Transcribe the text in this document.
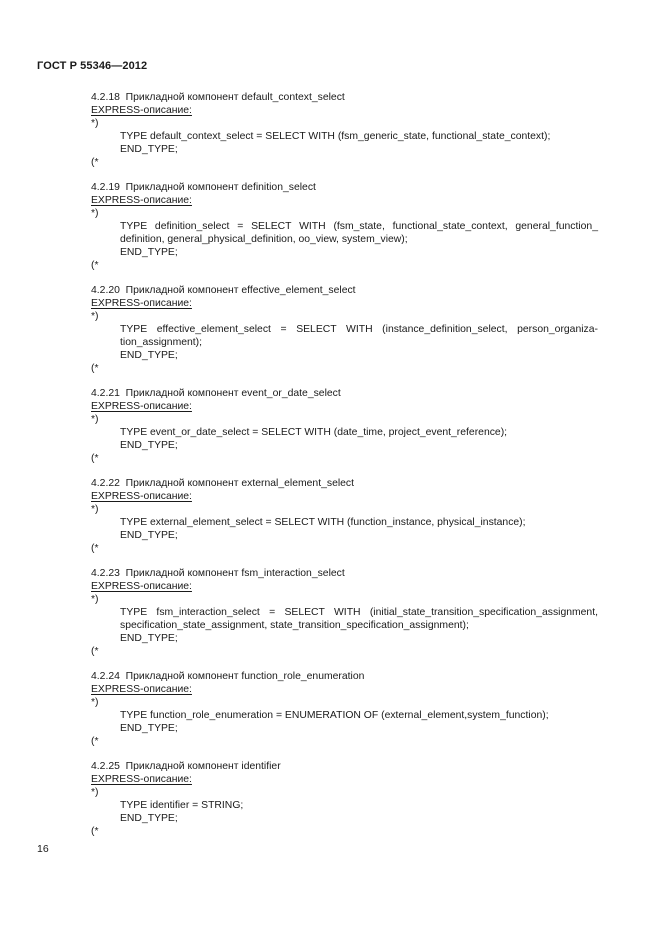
ГОСТ Р 55346—2012
4.2.18  Прикладной компонент default_context_select
EXPRESS-описание:
*)
TYPE default_context_select = SELECT WITH (fsm_generic_state, functional_state_context);
END_TYPE;
(*
4.2.19  Прикладной компонент definition_select
EXPRESS-описание:
*)
TYPE definition_select = SELECT WITH (fsm_state, functional_state_context, general_function_
definition, general_physical_definition, oo_view, system_view);
END_TYPE;
(*
4.2.20  Прикладной компонент effective_element_select
EXPRESS-описание:
*)
TYPE effective_element_select = SELECT WITH (instance_definition_select, person_organiza-
tion_assignment);
END_TYPE;
(*
4.2.21  Прикладной компонент event_or_date_select
EXPRESS-описание:
*)
TYPE event_or_date_select = SELECT WITH (date_time, project_event_reference);
END_TYPE;
(*
4.2.22  Прикладной компонент external_element_select
EXPRESS-описание:
*)
TYPE external_element_select = SELECT WITH (function_instance, physical_instance);
END_TYPE;
(*
4.2.23  Прикладной компонент fsm_interaction_select
EXPRESS-описание:
*)
TYPE fsm_interaction_select = SELECT WITH (initial_state_transition_specification_assignment,
specification_state_assignment, state_transition_specification_assignment);
END_TYPE;
(*
4.2.24  Прикладной компонент function_role_enumeration
EXPRESS-описание:
*)
TYPE function_role_enumeration = ENUMERATION OF (external_element,system_function);
END_TYPE;
(*
4.2.25  Прикладной компонент identifier
EXPRESS-описание:
*)
TYPE identifier = STRING;
END_TYPE;
(*
16
